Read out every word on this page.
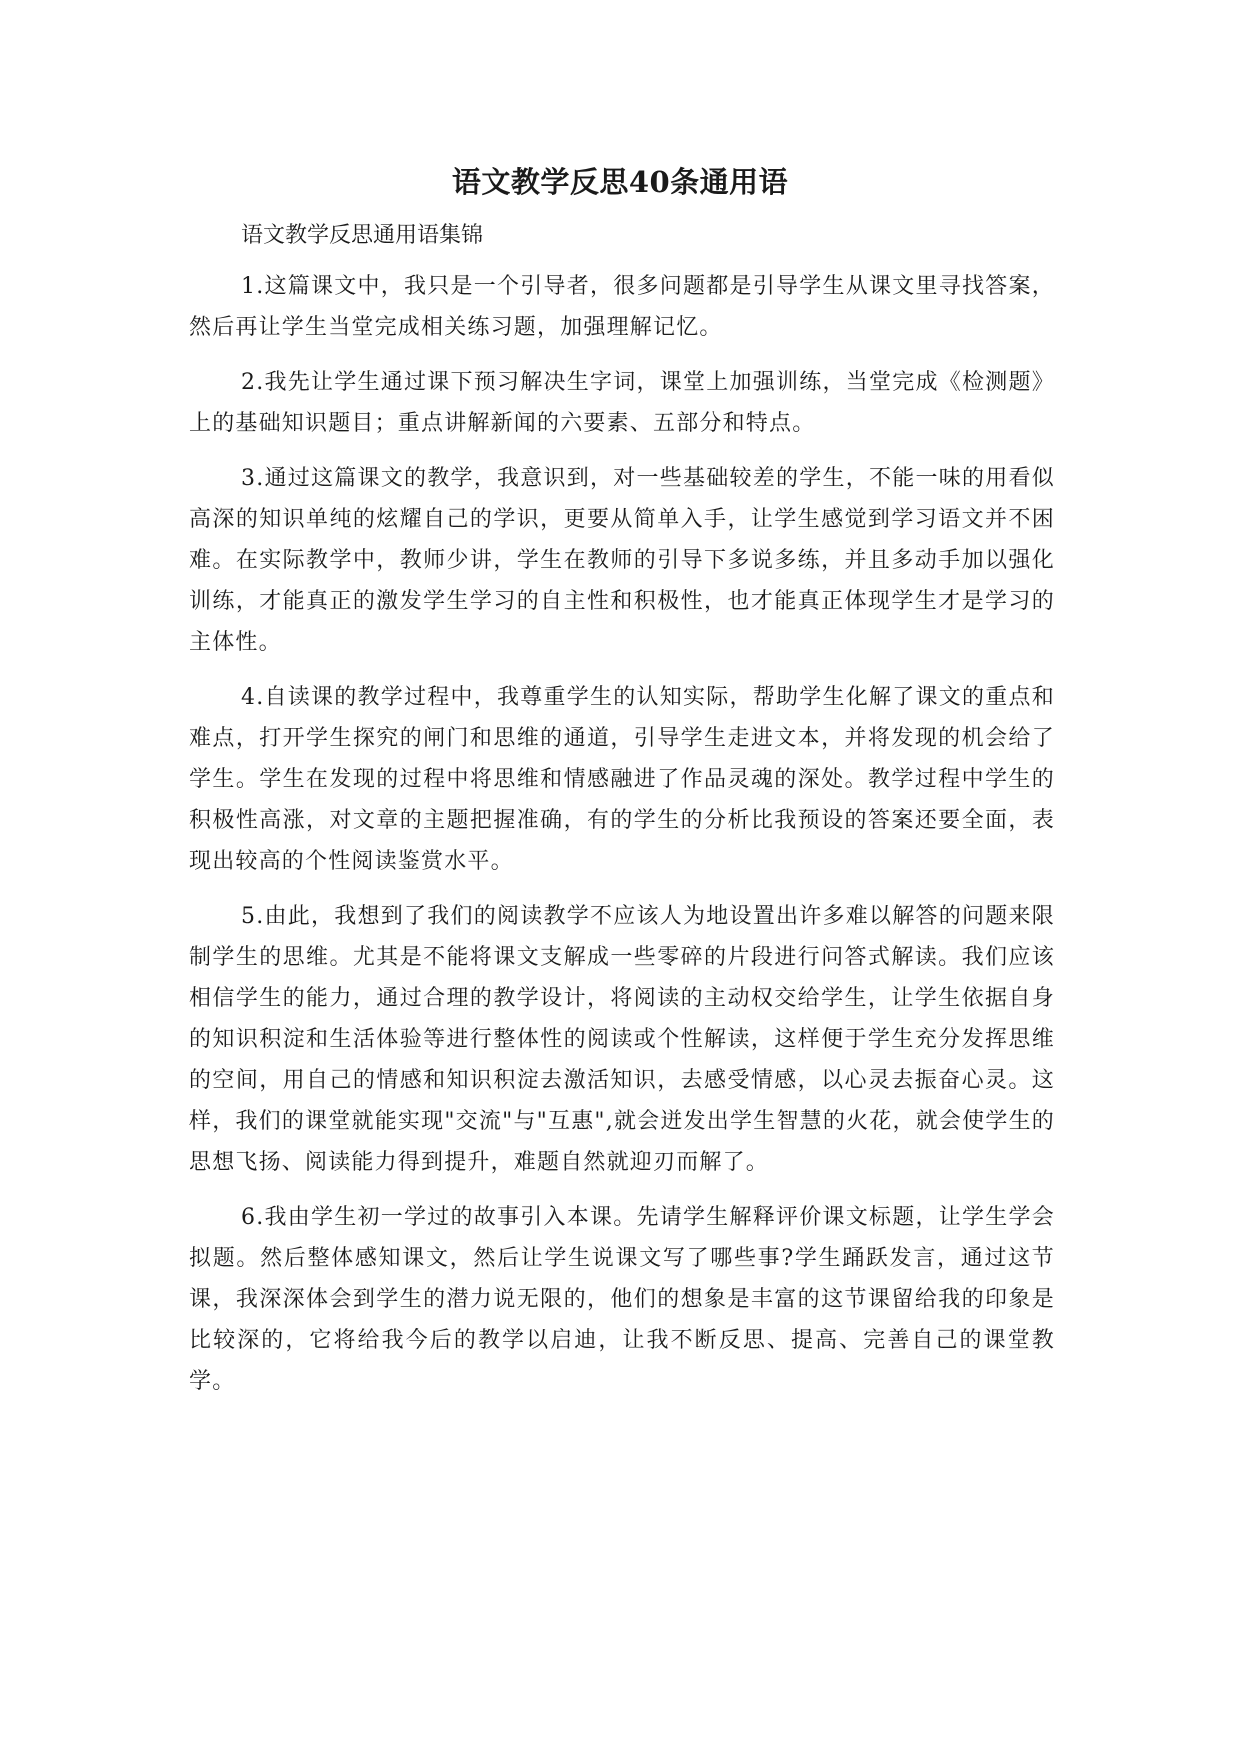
语文教学反思40条通用语

语文教学反思通用语集锦

1.这篇课文中，我只是一个引导者，很多问题都是引导学生从课文里寻找答案，然后再让学生当堂完成相关练习题，加强理解记忆。

2.我先让学生通过课下预习解决生字词，课堂上加强训练，当堂完成《检测题》上的基础知识题目；重点讲解新闻的六要素、五部分和特点。

3.通过这篇课文的教学，我意识到，对一些基础较差的学生，不能一味的用看似高深的知识单纯的炫耀自己的学识，更要从简单入手，让学生感觉到学习语文并不困难。在实际教学中，教师少讲，学生在教师的引导下多说多练，并且多动手加以强化训练，才能真正的激发学生学习的自主性和积极性，也才能真正体现学生才是学习的主体性。

4.自读课的教学过程中，我尊重学生的认知实际，帮助学生化解了课文的重点和难点，打开学生探究的闸门和思维的通道，引导学生走进文本，并将发现的机会给了学生。学生在发现的过程中将思维和情感融进了作品灵魂的深处。教学过程中学生的积极性高涨，对文章的主题把握准确，有的学生的分析比我预设的答案还要全面，表现出较高的个性阅读鉴赏水平。

5.由此，我想到了我们的阅读教学不应该人为地设置出许多难以解答的问题来限制学生的思维。尤其是不能将课文支解成一些零碎的片段进行问答式解读。我们应该相信学生的能力，通过合理的教学设计，将阅读的主动权交给学生，让学生依据自身的知识积淀和生活体验等进行整体性的阅读或个性解读，这样便于学生充分发挥思维的空间，用自己的情感和知识积淀去激活知识，去感受情感，以心灵去振奋心灵。这样，我们的课堂就能实现"交流"与"互惠",就会迸发出学生智慧的火花，就会使学生的思想飞扬、阅读能力得到提升，难题自然就迎刃而解了。

6.我由学生初一学过的故事引入本课。先请学生解释评价课文标题，让学生学会拟题。然后整体感知课文，然后让学生说课文写了哪些事?学生踊跃发言，通过这节课，我深深体会到学生的潜力说无限的，他们的想象是丰富的这节课留给我的印象是比较深的，它将给我今后的教学以启迪，让我不断反思、提高、完善自己的课堂教学。
